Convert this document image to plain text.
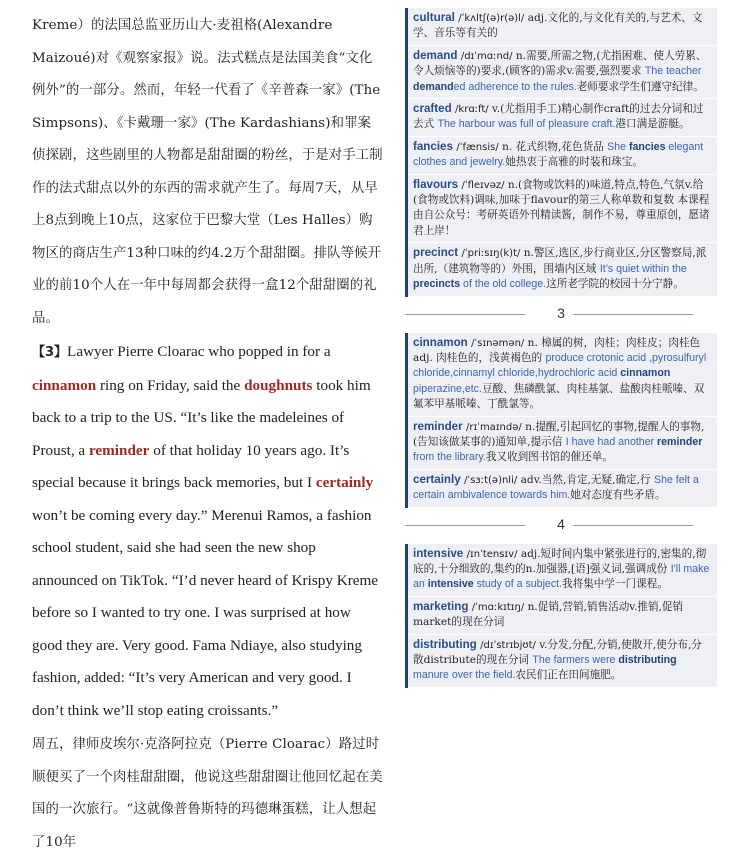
Kreme）的法国总监亚历山大·麦祖格(Alexandre Maizoué)对《观察家报》说。法式糕点是法国美食“文化例外”的一部分。然而，年轻一代看了《辛普森一家》(The Simpsons)、《卡戴珊一家》(The Kardashians)和罪案侦探剧，这些剧里的人物都是甜甜圈的粉丝，于是对手工制作的法式甜点以外的东西的需求就产生了。每周7天，从早上8点到晚上10点，这家位于巴黎大堂（Les Halles）购物区的商店生产13种口味的约4.2万个甜甜圈。排队等候开业的前10个人在一年中每周都会获得一盒12个甜甜圈的礼品。

【3】Lawyer Pierre Cloarac who popped in for a cinnamon ring on Friday, said the doughnuts took him back to a trip to the US. “It’s like the madeleines of Proust, a reminder of that holiday 10 years ago. It’s special because it brings back memories, but I certainly won’t be coming every day.” Merenui Ramos, a fashion school student, said she had seen the new shop announced on TikTok. “I’d never heard of Krispy Kreme before so I wanted to try one. I was surprised at how good they are. Very good. Fama Ndiaye, also studying fashion, added: “It’s very American and very good. I don’t think we’ll stop eating croissants.”

周五，律师皮埃尔·克洛阿拉克（Pierre Cloarac）路过时顺便买了一个肉桂甜甜圈，他说这些甜甜圈让他回忆起在美国的一次旅行。“这就像普鲁斯特的玛德琳蛋糕，让人想起了10年

cultural /ˈkʌltʃ(ə)r(ə)l/ adj.文化的,与文化有关的,与艺术、文学、音乐等有关的
demand /dɪˈmɑːnd/ n.需要,所需之物,(尤指困难、使人劳累、令人烦恼等的)要求,(顾客的)需求v.需要,强烈要求 The teacher demanded adherence to the rules.老师要求学生们遵守纪律。
crafted /krɑːft/ v.(尤指用手工)精心制作craft的过去分词和过去式 The harbour was full of pleasure craft.港口满是游艇。
fancies /ˈfænsis/ n. 花式织物,花色货品 She fancies elegant clothes and jewelry.她热衷于高雅的时装和珠宝。
flavours /ˈfleɪvəz/ n.(食物或饮料的)味道,特点,特色,气氛v.给(食物或饮料)调味,加味于flavour的第三人称单数和复数 本课程由自公众号：考研英语外刊精读酱，制作不易，尊重原创，愿诸君上岸！
precinct /ˈpriːsɪŋ(k)t/ n.警区,选区,步行商业区,分区警察局,派出所,（建筑物等的）外围，围墙内区域 It’s quiet within the precincts of the old college.这所老学院的校园十分宁静。
3
cinnamon /ˈsɪnəmən/ n. 樟属的树，肉桂；肉桂皮；肉桂色 adj. 肉桂色的，浅黄褐色的 produce crotonic acid ,pyrosulfuryl chloride,cinnamyl chloride,hydrochloric acid cinnamon piperazine,etc.豆酸、焦磷酰氯、肉桂基氯、盐酸肉桂哌嗪、双氟苯甲基哌嗪、丁酰氯等。
reminder /rɪˈmaɪndə/ n.提醒,引起回忆的事物,提醒人的事物,(告知该做某事的)通知单,提示信 I have had another reminder from the library.我又收到图书馆的催还单。
certainly /ˈsɜːt(ə)nli/ adv.当然,肯定,无疑,确定,行 She felt a certain ambivalence towards him.她对态度有些矛盾。
4
intensive /ɪnˈtensɪv/ adj.短时间内集中紧张进行的,密集的,彻底的,十分细致的,集约的n.加强器,[语]强义词,强调成份 I'll make an intensive study of a subject.我将集中学一门课程。
marketing /ˈmɑːkɪtɪŋ/ n.促销,营销,销售活动v.推销,促销market的现在分词
distributing /dɪˈstrɪbjʊt/ v.分发,分配,分销,使散开,使分布,分散distribute的现在分词 The farmers were distributing manure over the field.农民们正在田间施肥。
